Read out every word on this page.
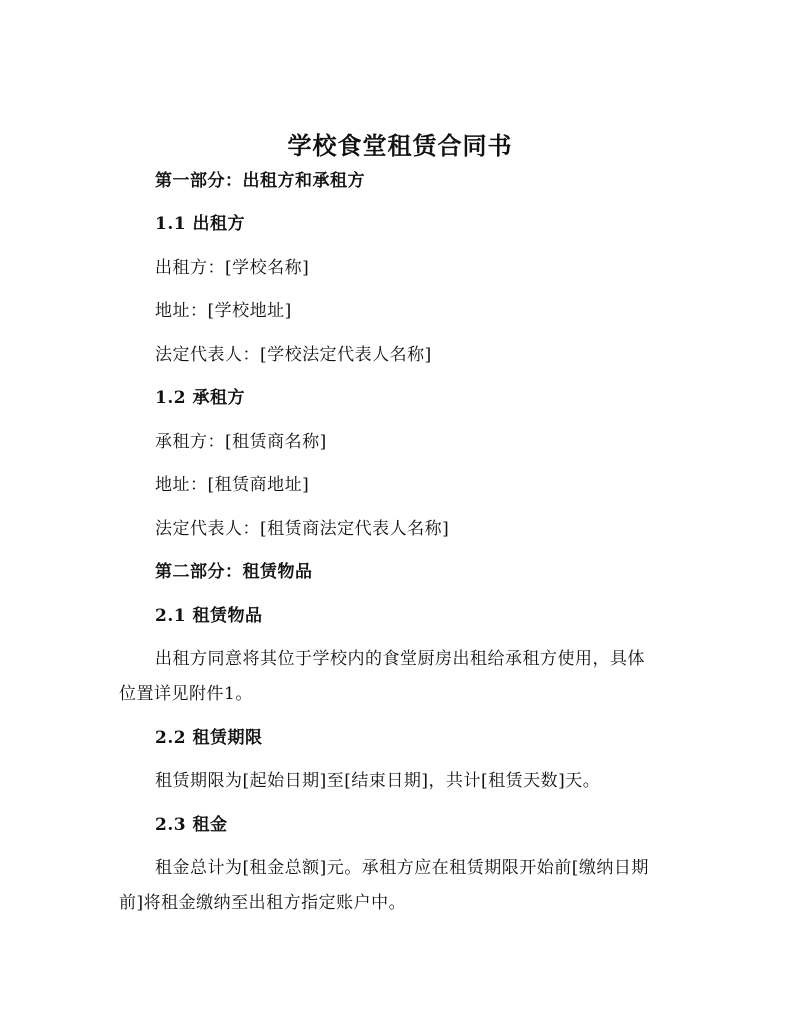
学校食堂租赁合同书
第一部分：出租方和承租方
1.1 出租方
出租方：[学校名称]
地址：[学校地址]
法定代表人：[学校法定代表人名称]
1.2 承租方
承租方：[租赁商名称]
地址：[租赁商地址]
法定代表人：[租赁商法定代表人名称]
第二部分：租赁物品
2.1 租赁物品
出租方同意将其位于学校内的食堂厨房出租给承租方使用，具体
位置详见附件1。
2.2 租赁期限
租赁期限为[起始日期]至[结束日期]，共计[租赁天数]天。
2.3 租金
租金总计为[租金总额]元。承租方应在租赁期限开始前[缴纳日期
前]将租金缴纳至出租方指定账户中。
